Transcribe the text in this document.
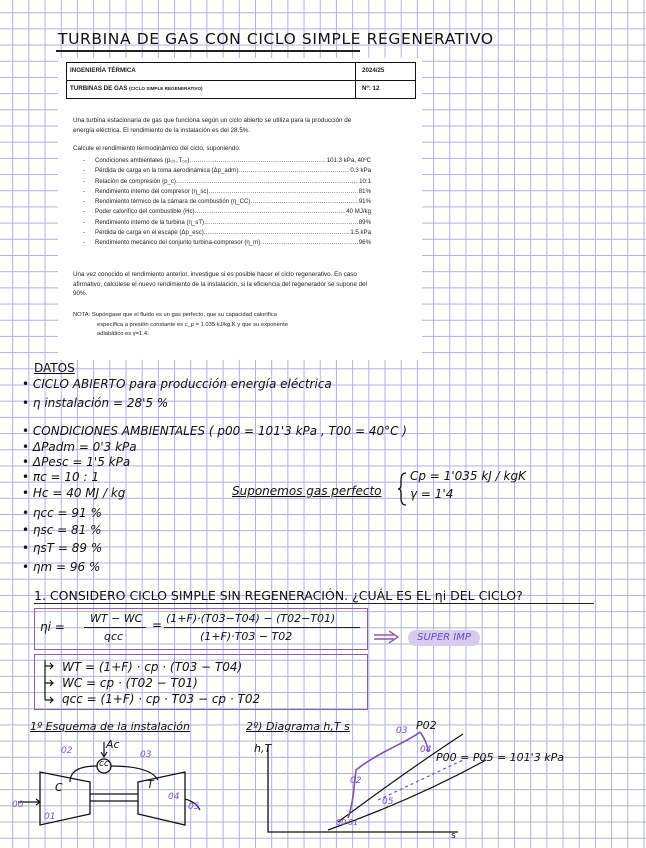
TURBINA DE GAS CON CICLO SIMPLE REGENERATIVO
INGENIERÍA TÉRMICA	2024/25
TURBINAS DE GAS (CICLO SIMPLE REGENERATIVO)	Nº: 12

Una turbina estacionaria de gas que funciona según un ciclo abierto se utiliza para la producción de energía eléctrica. El rendimiento de la instalación es del 28.5%.

Calcule el rendimiento termodinámico del ciclo, suponiendo:

-	Condiciones ambientales (p₀₀, T₀₀) .....	101.3 kPa, 40ºC
-	Pérdida de carga en la toma aerodinámica (Δp_adm) .....	0.3 kPa
-	Relación de compresión (p_c) .....	10:1
-	Rendimiento interno del compresor (η_sc) .....	81%
-	Rendimiento térmico de la cámara de combustión (η_CC) .....	91%
-	Poder calorífico del combustible (Hc) .....	40 MJ/kg
-	Rendimiento interno de la turbina (η_sT) .....	89%
-	Pérdida de carga en el escape (Δp_esc) .....	1.5 kPa
-	Rendimiento mecánico del conjunto turbina-compresor (η_m) .....	96%

Una vez conocido el rendimiento anterior, investigue si es posible hacer el ciclo regenerativo. En caso afirmativo, calcúlese el nuevo rendimiento de la instalación, si la eficiencia del regenerador se supone del 90%.

NOTA: Supóngase que el fluido es un gas perfecto, que su capacidad calorífica
específica a presión constante es c_p = 1.035 kJ/kg.K y que su exponente
adiabático es γ=1.4.
DATOS
• CICLO ABIERTO para producción energía eléctrica
• η instalación = 28'5 %
• CONDICIONES AMBIENTALES ( p00 = 101'3 kPa , T00 = 40°C )
• ΔPadm = 0'3 kPa
• ΔPesc = 1'5 kPa
• πc = 10 : 1
• Hc = 40 MJ / kg
• ηcc = 91 %
• ηsc = 81 %
• ηsT = 89 %
• ηm = 96 %
Suponemos gas perfecto
Cp = 1'035 kJ / kgK
γ = 1'4
1. CONSIDERO CICLO SIMPLE SIN REGENERACIÓN. ¿CUÁL ES EL ηi DEL CICLO?
ηi =
WT − WC
qcc
= (1+F)·(T03−T04) − (T02−T01)
(1+F)·T03 − T02	SUPER IMP
WT = (1+F) · cp · (T03 − T04)
WC = cp · (T02 − T01)
qcc = (1+F) · cp · T03 − cp · T02
1º Esquema de la instalación
Ac
cc
C	T
02	03
00
01
04
05
2º) Diagrama h,T s
h,T
s
P02
P00 = P05 = 101'3 kPa
03
04
02
05
00 01
